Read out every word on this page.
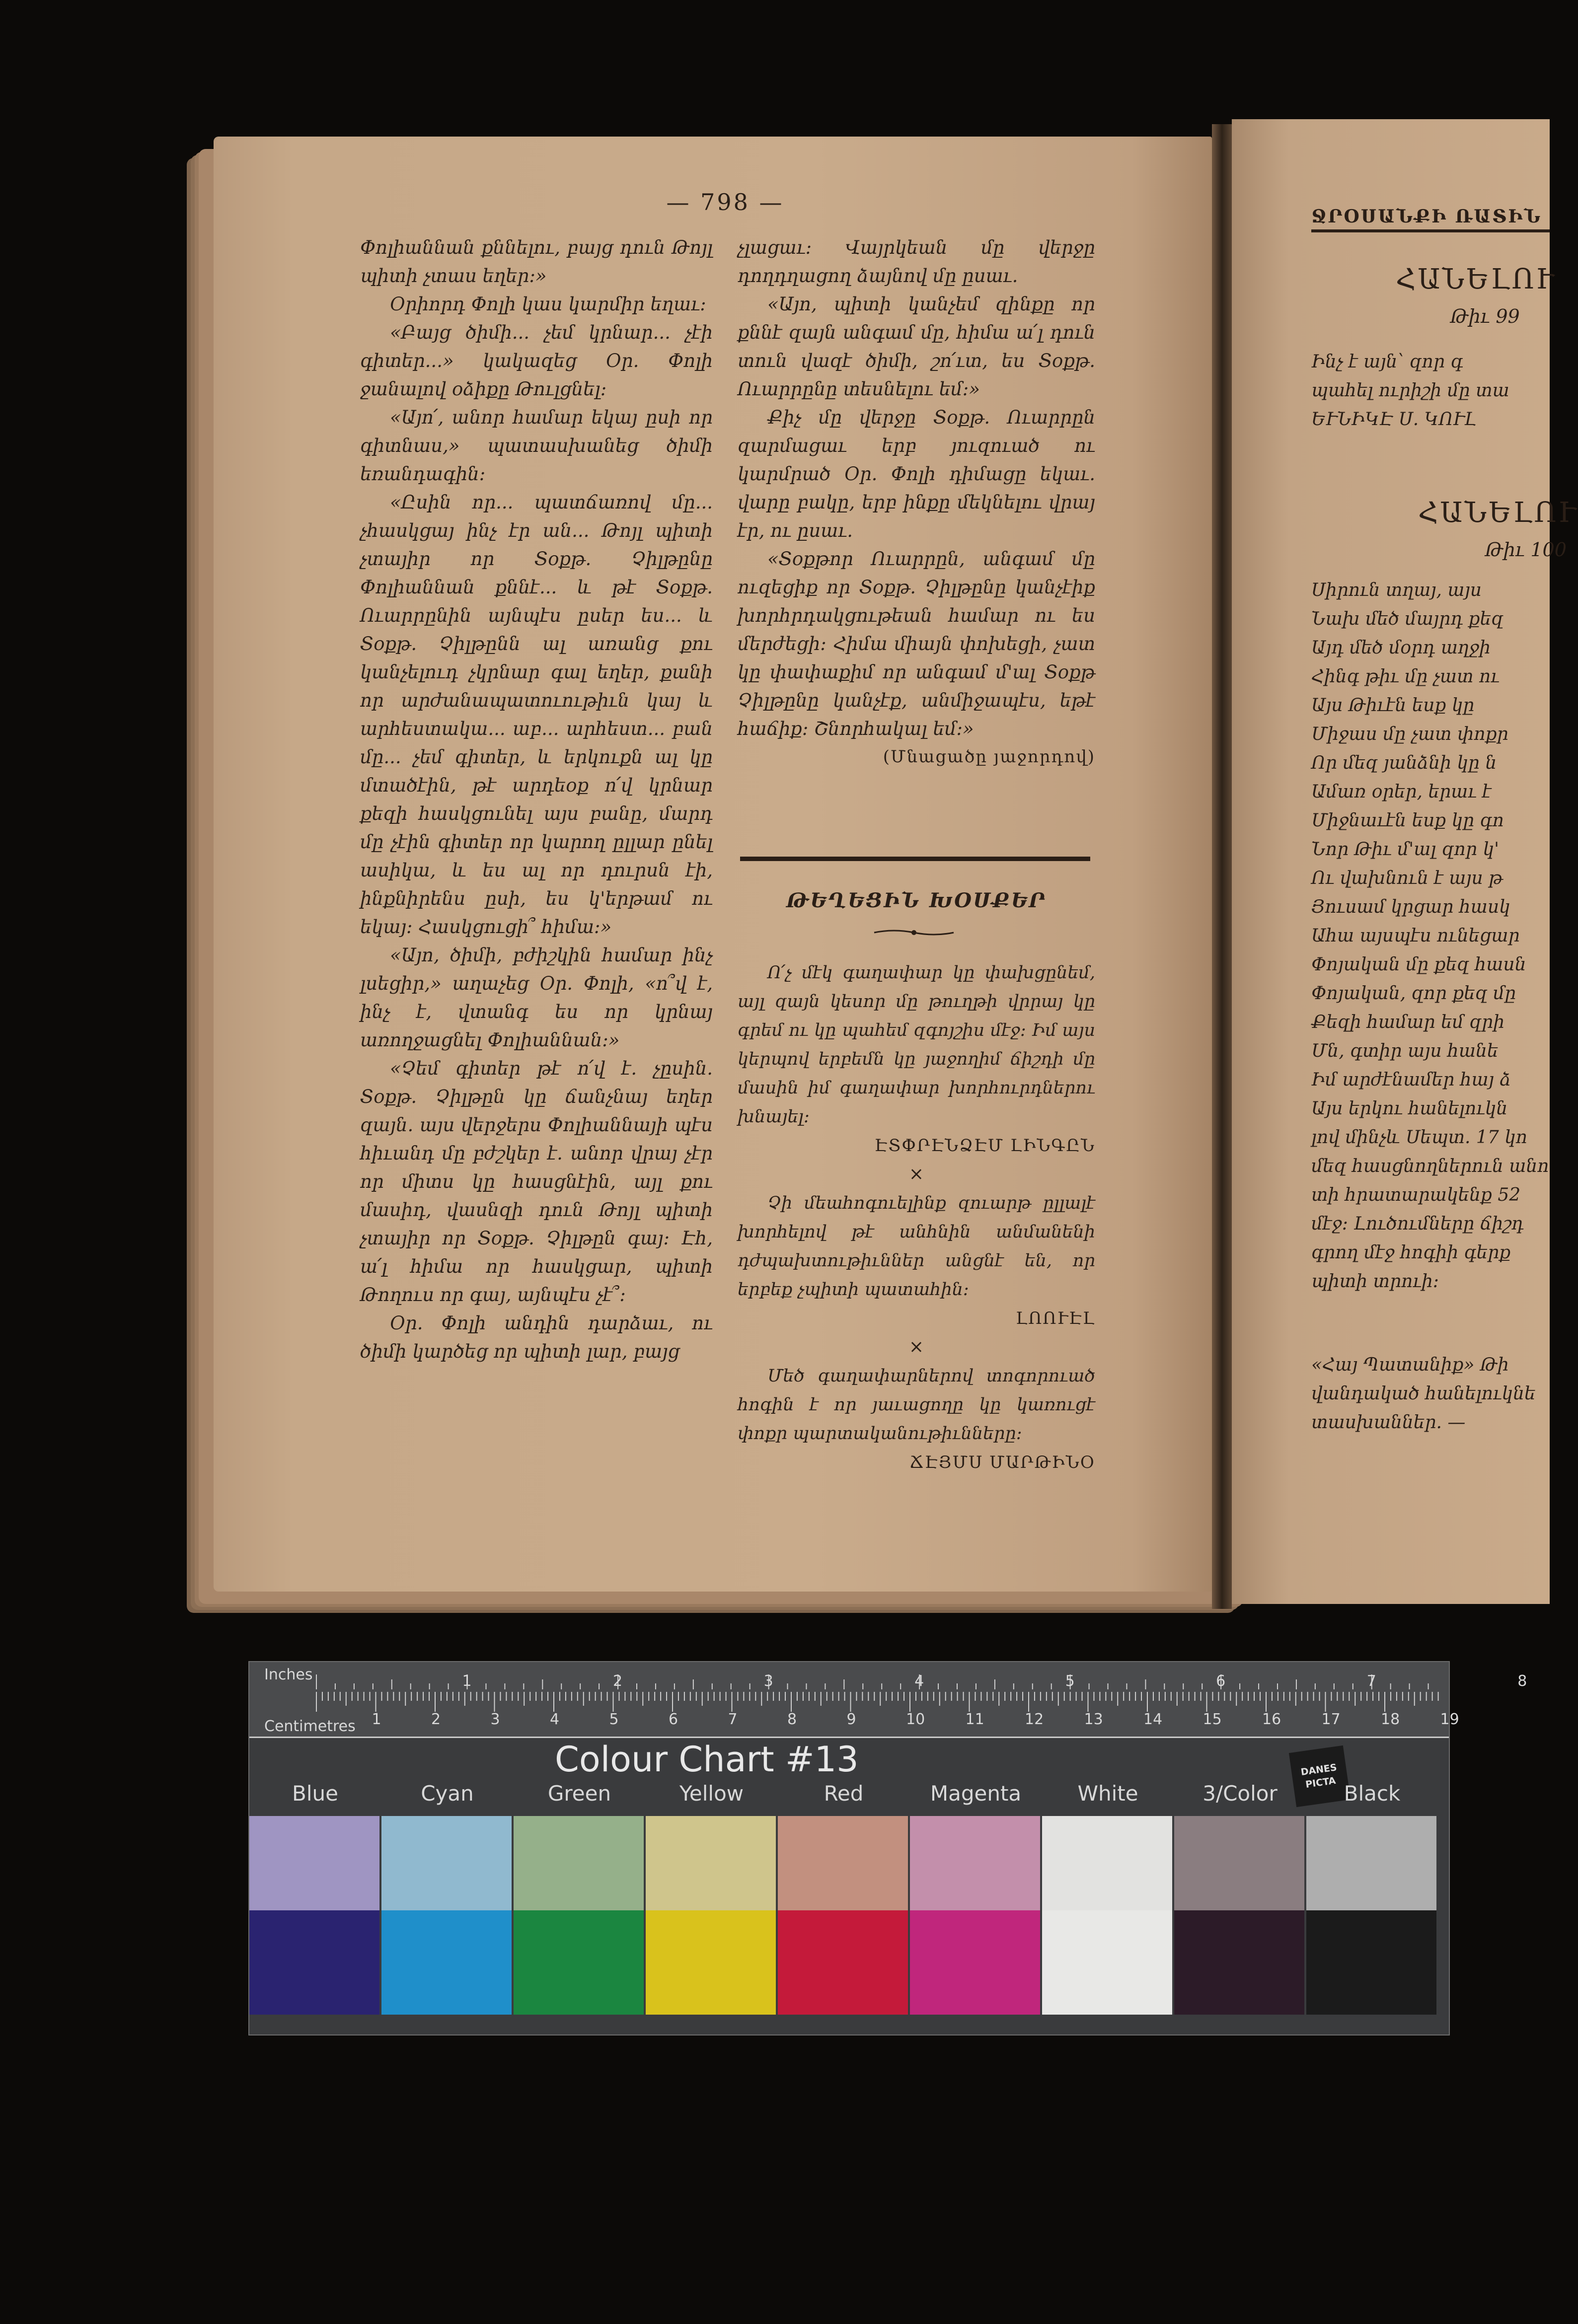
— 798 —

Փոլիաննան քննելու, բայց դուն Թոյլ պիտի չտաս եղեր։»

Օրիորդ Փոլի կաս կարմիր եղաւ։

«Բայց ծիմի... չեմ կրնար... չէի գիտեր...» կակազեց Օր. Փոլի ջանալով օձիքը Թուլցնել։

«Այո՛, անոր համար եկայ ըսի որ գիտնաս,» պատասխանեց ծիմի եռանդագին։

«Ըսին որ... պատճառով մը... չհասկցայ ինչ էր ան... Թոյլ պիտի չտայիր որ Տօքթ. Չիլթընը Փոլիաննան քննէ... և թէ Տօքթ. Ուարրընին այնպէս ըսեր ես... և Տօքթ. Չիլթընն ալ առանց քու կանչելուդ չկրնար գալ եղեր, քանի որ արժանապատուութիւն կայ և արհեստակա... աբ... արհեստ... բան մը... չեմ գիտեր, և երկուքն ալ կը մտածէին, թէ արդեօք ո՛վ կրնար քեզի հասկցունել այս բանը, մարդ մը չէին գիտեր որ կարող ըլլար ընել ասիկա, և ես ալ որ դուրսն էի, ինքնիրենս ըսի, ես կ'երթամ ու եկայ։ Հասկցուցի՞ հիմա։»

«Այո, ծիմի, բժիշկին համար ինչ լսեցիր,» աղաչեց Օր. Փոլի, «ո՞վ է, ինչ է, վտանգ ես որ կրնայ առողջացնել Փոլիաննան։»

«Չեմ գիտեր թէ ո՛վ է. չըսին. Տօքթ. Չիլթըն կը ճանչնայ եղեր զայն. այս վերջերս Փոլիաննայի պէս հիւանդ մը բժշկեր է. անոր վրայ չէր որ միտս կը հասցնէին, այլ քու մասիդ, վասնզի դուն Թոյլ պիտի չտայիր որ Տօքթ. Չիլթըն գայ։ Էհ, ա՛լ հիմա որ հասկցար, պիտի Թողուս որ գայ, այնպէս չէ՞։

Օր. Փոլի անդին դարձաւ, ու ծիմի կարծեց որ պիտի լար, բայց

չլացաւ։ Վայրկեան մը վերջը դողդղացող ձայնով մը ըսաւ.

«Այո, պիտի կանչեմ զինքը որ քննէ զայն անգամ մը, հիմա ա՛լ դուն տուն վազէ ծիմի, շո՛ւտ, ես Տօքթ. Ուարրընը տեսնելու եմ։»

Քիչ մը վերջը Տօքթ. Ուարրըն զարմացաւ երբ յուզուած ու կարմրած Օր. Փոլի դիմացը եկաւ. վարը բակը, երբ ինքը մեկնելու վրայ էր, ու ըսաւ.

«Տօքթոր Ուարրըն, անգամ մը ուզեցիք որ Տօքթ. Չիլթընը կանչէիք խորհրդակցութեան համար ու ես մերժեցի։ Հիմա միայն փոխեցի, չատ կը փափաքիմ որ անգամ մ'ալ Տօքթ Չիլթընը կանչէք, անմիջապէս, եթէ հաճիք։ Շնորհակալ եմ։»

(Մնացածը յաջորդով)

ԹԵՂԵՑԻՆ ԽՕՍՔԵՐ

Ո՛չ մէկ գաղափար կը փախցընեմ, այլ զայն կեսոր մը թուղթի վրրայ կը գրեմ ու կը պահեմ զգոյշիս մէջ։ Իմ այս կերպով երբեմն կը յաջողիմ ճիշդի մը մասին իմ գաղափար խորհուրդներու խնայել։

ԷՏՓՐԷՆՁԷՄ ԼԻՆԳԸՆ

×

Չի մեահոգուելինք զուարթ ըլլալէ խորհելով թէ անհնին անմանենի դժպախտութիւններ անցնէ են, որ երբեք չպիտի պատահին։

ԼՈՈՒԷԼ

×

Մեծ գաղափարներով տոգորուած հոգին է որ յաւացողը կը կառուցէ փոքր պարտականութիւնները։

ՃԷՅՄՍ ՄԱՐԹԻՆՕ

ՋՐՕՍԱՆՔԻ ՌԱՏԻՆ
ՀԱՆԵԼՈՒ
Թիւ 99
Ինչ է այն՝ զոր գ
պահել ուրիշի մը տա
ԵՒՆԻԿԷ Ս. ԿՈՒԼ
ՀԱՆԵԼՈՒ
Թիւ 100
Սիրուն տղայ, այս
Նախ մեծ մայրդ քեզ
Այդ մեծ մօրդ աղջի
Հինգ թիւ մը չատ ու
Այս Թիւէն եսք կը
Միջաս մը չատ փոքր
Որ մեզ յանձնի կը ն
Ամառ օրեր, երաւ է
Միջնաւէն եսք կը գո
Նոր Թիւ մ'ալ զոր կ'
Ու վախնուն է այս թ
Յուսամ կրցար հասկ
Ահա այսպէս ունեցար
Փոյական մը քեզ հասն
Փոյական, զոր քեզ մը
Քեզի համար եմ զրի
Մն, գտիր այս հանե
Իմ արժէնամեր հայ ձ
Այս երկու հանելուկն
լով մինչև Սեպտ. 17 կո
մեզ հասցնողներուն անո
տի հրատարակենք 52
մէջ։ Լուծումները ճիշդ
գրող մէջ հոգիի գերք
պիտի տրուի։
«Հայ Պատանիք» Թի
վանդակած հանելուկնե
տասխաններ. —
1	2	3	4	5	6	7	8	9	10	11	12	13	14	15	16	17	18	19
1	2	3	4	5	6	7	8
Inches
Centimetres
Colour Chart #13	DANES
PICTA
Blue	Cyan	Green	Yellow	Red	Magenta	White	3/Color	Black
